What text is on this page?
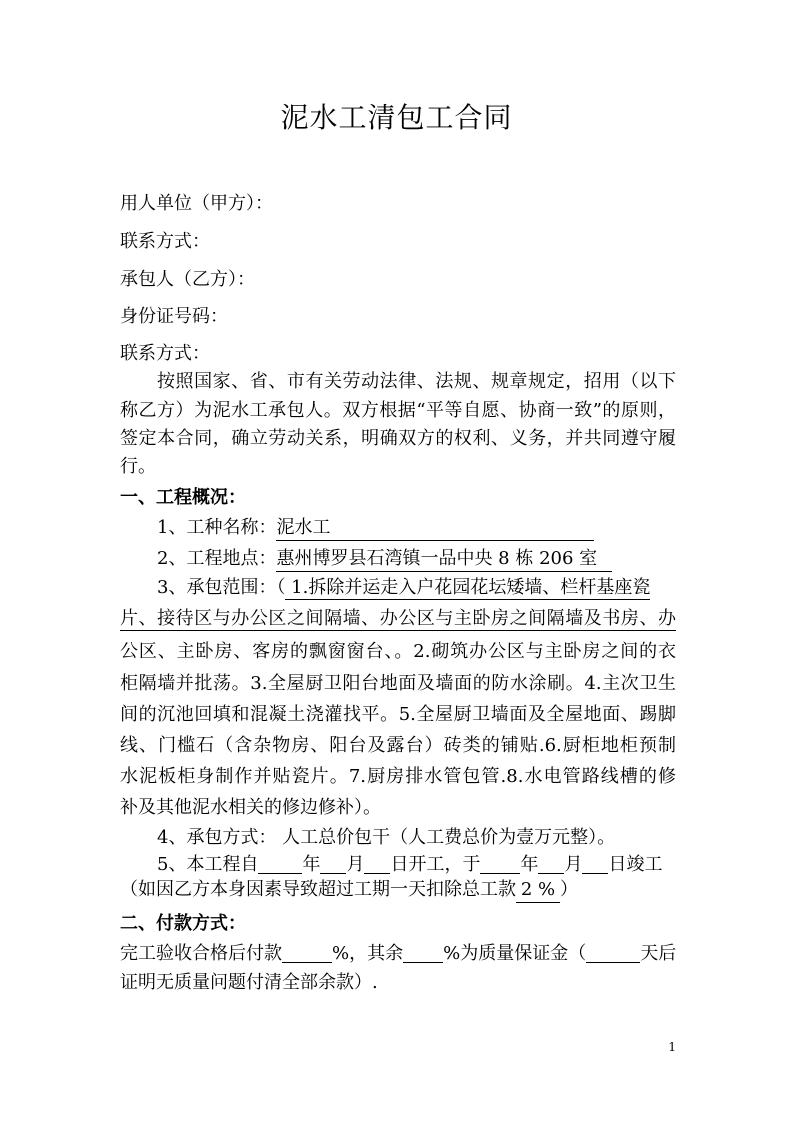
泥水工清包工合同
用人单位（甲方）：
联系方式：
承包人（乙方）：
身份证号码：
联系方式：
按照国家、省、市有关劳动法律、法规、规章规定，招用（以下
称乙方）为泥水工承包人。双方根据“平等自愿、协商一致”的原则，
签定本合同，确立劳动关系，明确双方的权利、义务，并共同遵守履
行。
一、工程概况：
1、工种名称：泥水工
2、工程地点：惠州博罗县石湾镇一品中央 8 栋 206 室
3、承包范围：（ 1.拆除并运走入户花园花坛矮墙、栏杆基座瓷
片、接待区与办公区之间隔墙、办公区与主卧房之间隔墙及书房、办
公区、主卧房、客房的飘窗窗台、。2.砌筑办公区与主卧房之间的衣
柜隔墙并批荡。3.全屋厨卫阳台地面及墙面的防水涂刷。4.主次卫生
间的沉池回填和混凝土浇灌找平。5.全屋厨卫墙面及全屋地面、踢脚
线、门槛石（含杂物房、阳台及露台）砖类的铺贴.6.厨柜地柜预制
水泥板柜身制作并贴瓷片。7.厨房排水管包管.8.水电管路线槽的修
补及其他泥水相关的修边修补）。
4、承包方式： 人工总价包干（人工费总价为壹万元整）。
5、本工程自 年 月 日开工，于 年 月 日竣工
（如因乙方本身因素导致超过工期一天扣除总工款 2 % ）
二、付款方式：
完工验收合格后付款	%，其余 %为质量保证金（	天后
证明无质量问题付清全部余款）.
1
